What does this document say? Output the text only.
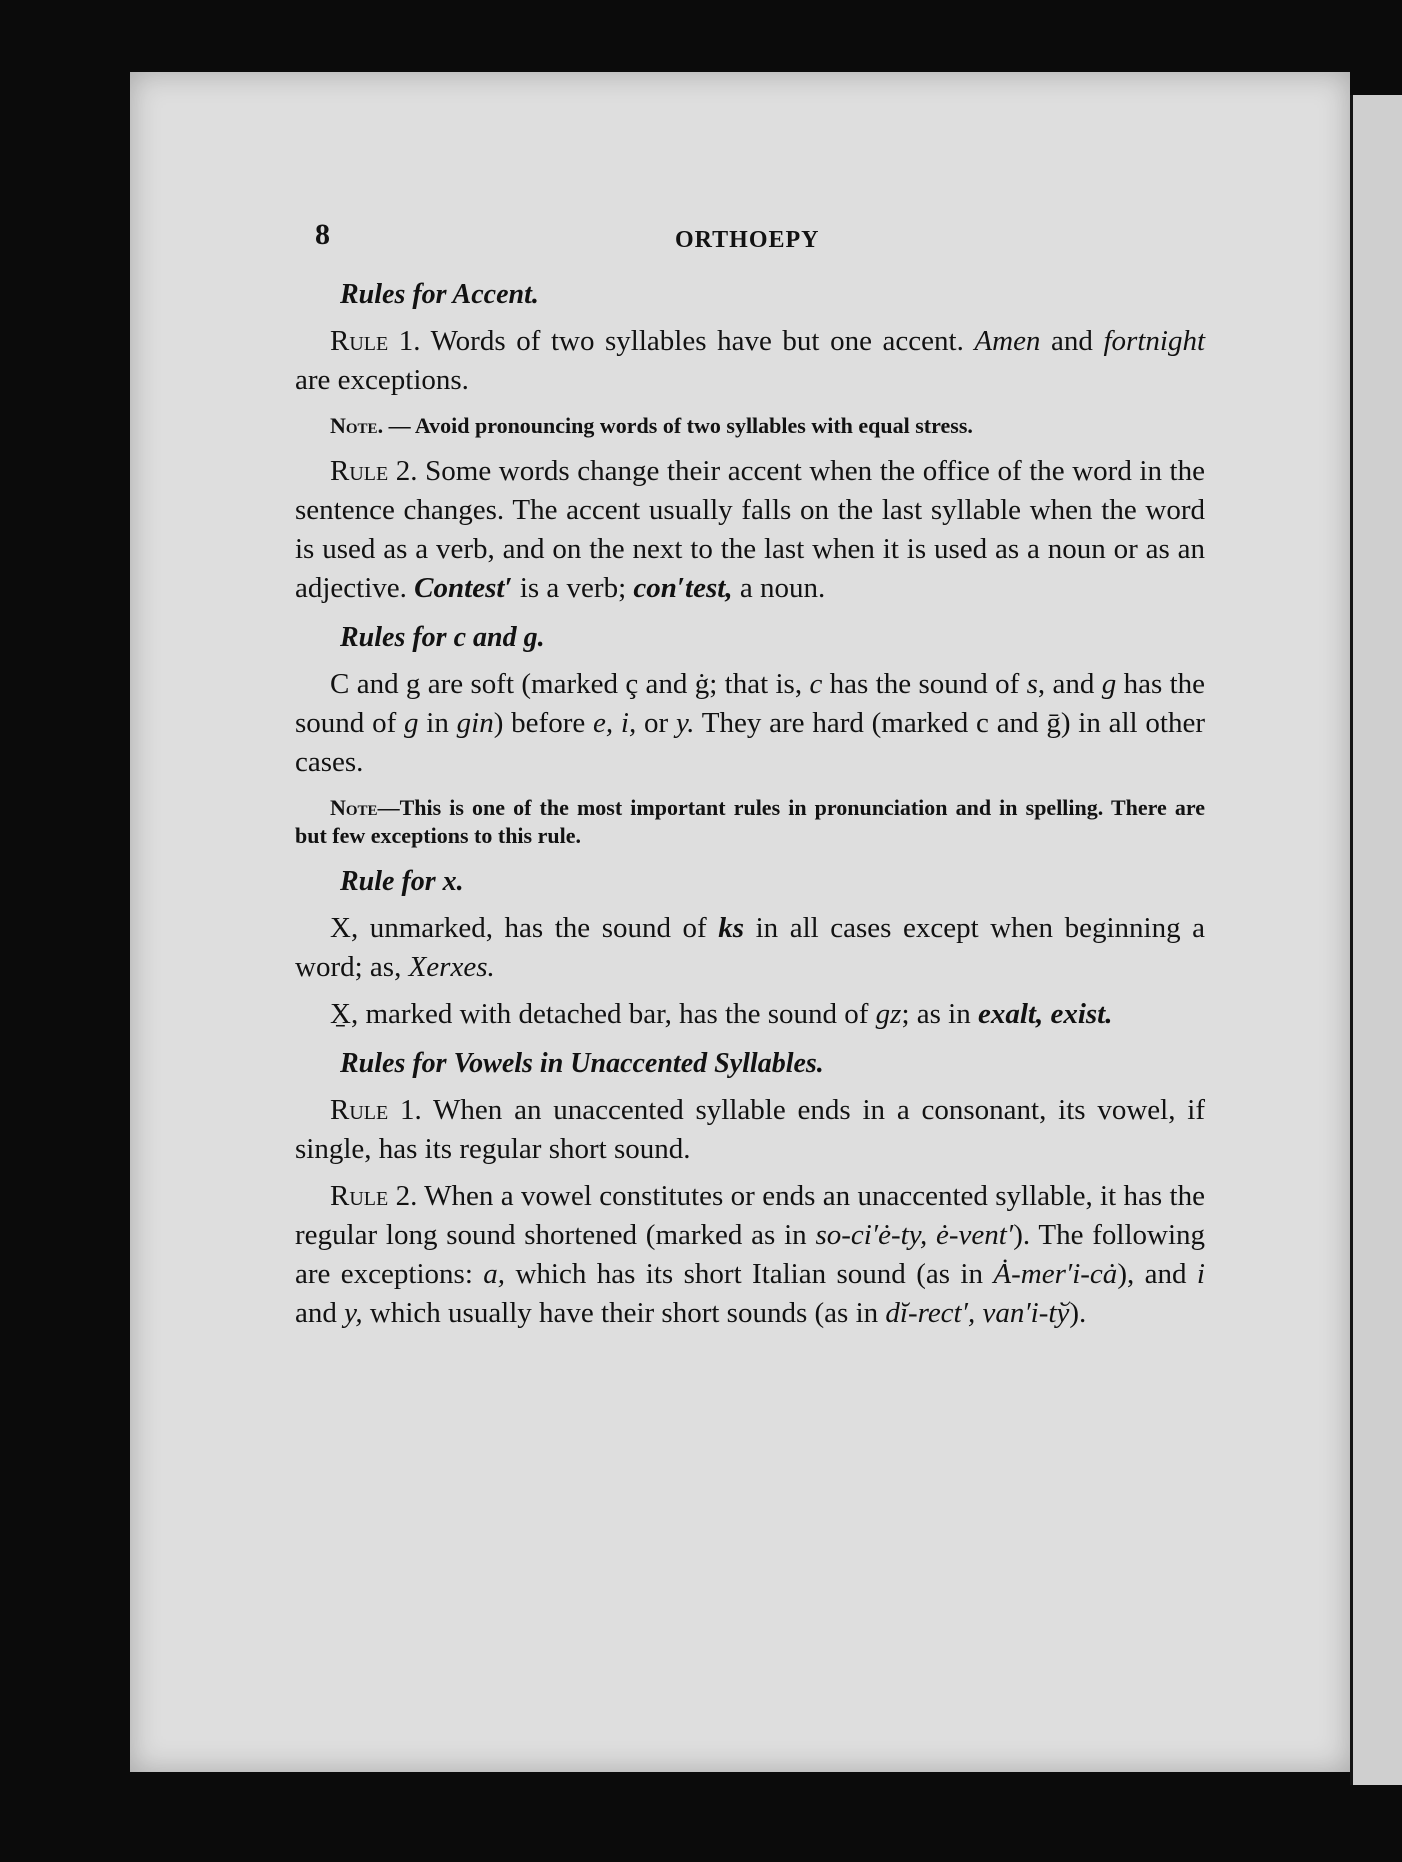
8	ORTHOEPY
Rules for Accent.

Rule 1. Words of two syllables have but one accent. Amen and fortnight are exceptions.

Note. — Avoid pronouncing words of two syllables with equal stress.

Rule 2. Some words change their accent when the office of the word in the sentence changes. The accent usually falls on the last syllable when the word is used as a verb, and on the next to the last when it is used as a noun or as an adjective. Contest′ is a verb; con′test, a noun.

Rules for c and g.

C and g are soft (marked ç and ġ; that is, c has the sound of s, and g has the sound of g in gin) before e, i, or y. They are hard (marked c and ḡ) in all other cases.

Note—This is one of the most important rules in pronunciation and in spelling. There are but few exceptions to this rule.

Rule for x.

X, unmarked, has the sound of ks in all cases except when beginning a word; as, Xerxes.

X̱, marked with detached bar, has the sound of gz; as in exalt, exist.

Rules for Vowels in Unaccented Syllables.

Rule 1. When an unaccented syllable ends in a consonant, its vowel, if single, has its regular short sound.

Rule 2. When a vowel constitutes or ends an unaccented syllable, it has the regular long sound shortened (marked as in so-ci′ė-ty, ė-vent′). The following are exceptions: a, which has its short Italian sound (as in Ȧ-mer′i-cȧ), and i and y, which usually have their short sounds (as in dĭ-rect′, van′i-tў).
